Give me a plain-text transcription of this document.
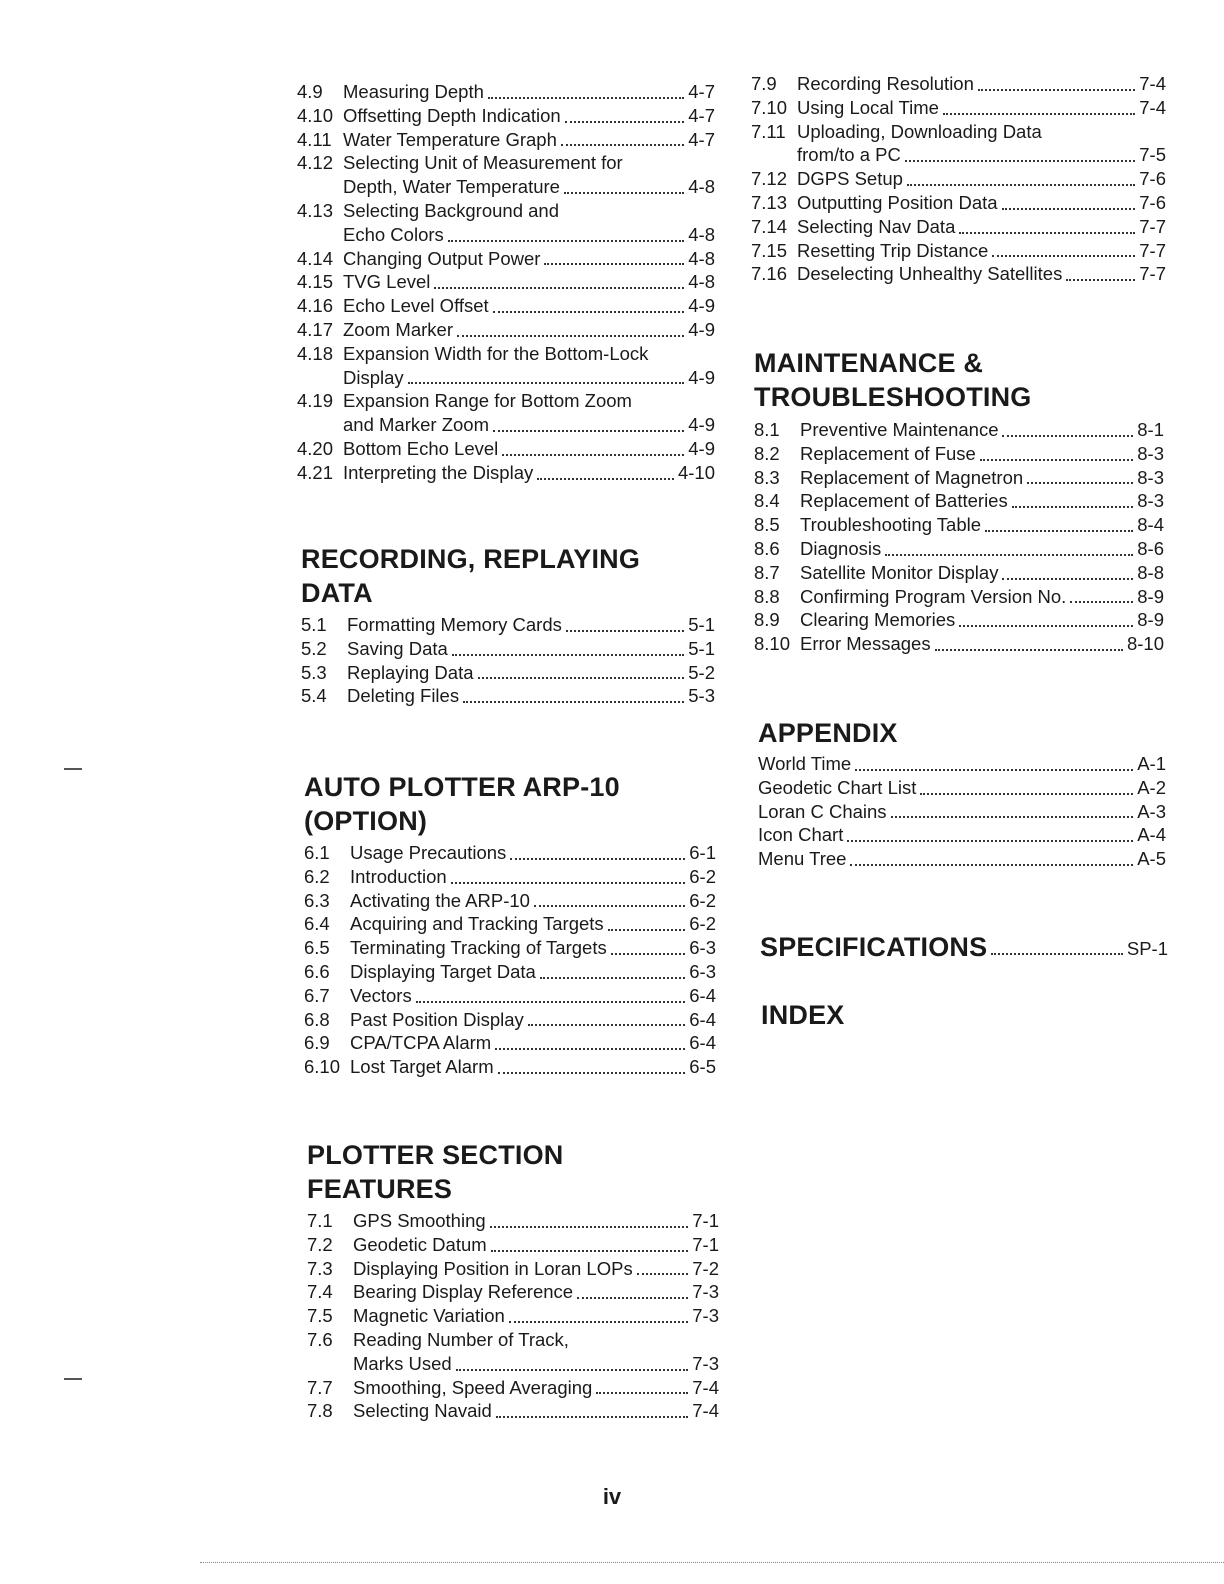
4.9	Measuring Depth	4-7
4.10 Offsetting Depth Indication	4-7
4.11 Water Temperature Graph	4-7
4.12 Selecting Unit of Measurement for
Depth, Water Temperature	4-8
4.13 Selecting Background and
Echo Colors	4-8
4.14 Changing Output Power	4-8
4.15 TVG Level	4-8
4.16 Echo Level Offset	4-9
4.17 Zoom Marker	4-9
4.18 Expansion Width for the Bottom-Lock
Display	4-9
4.19 Expansion Range for Bottom Zoom
and Marker Zoom	4-9
4.20 Bottom Echo Level	4-9
4.21 Interpreting the Display	4-10
RECORDING, REPLAYING
DATA
5.1	Formatting Memory Cards	5-1
5.2	Saving Data	5-1
5.3	Replaying Data	5-2
5.4	Deleting Files	5-3
AUTO PLOTTER ARP-10
(OPTION)
6.1	Usage Precautions	6-1
6.2	Introduction	6-2
6.3	Activating the ARP-10	6-2
6.4	Acquiring and Tracking Targets	6-2
6.5	Terminating Tracking of Targets	6-3
6.6	Displaying Target Data	6-3
6.7	Vectors	6-4
6.8	Past Position Display	6-4
6.9	CPA/TCPA Alarm	6-4
6.10 Lost Target Alarm	6-5
PLOTTER SECTION
FEATURES
7.1	GPS Smoothing	7-1
7.2	Geodetic Datum	7-1
7.3	Displaying Position in Loran LOPs	7-2
7.4	Bearing Display Reference	7-3
7.5	Magnetic Variation	7-3
7.6	Reading Number of Track,
Marks Used	7-3
7.7	Smoothing, Speed Averaging	7-4
7.8	Selecting Navaid	7-4
7.9	Recording Resolution	7-4
7.10 Using Local Time	7-4
7.11 Uploading, Downloading Data
from/to a PC	7-5
7.12 DGPS Setup	7-6
7.13 Outputting Position Data	7-6
7.14 Selecting Nav Data	7-7
7.15 Resetting Trip Distance	7-7
7.16 Deselecting Unhealthy Satellites	7-7
MAINTENANCE &
TROUBLESHOOTING
8.1	Preventive Maintenance	8-1
8.2	Replacement of Fuse	8-3
8.3	Replacement of Magnetron	8-3
8.4	Replacement of Batteries	8-3
8.5	Troubleshooting Table	8-4
8.6	Diagnosis	8-6
8.7	Satellite Monitor Display	8-8
8.8	Confirming Program Version No.	8-9
8.9	Clearing Memories	8-9
8.10 Error Messages	8-10
APPENDIX
World Time	A-1
Geodetic Chart List	A-2
Loran C Chains	A-3
Icon Chart	A-4
Menu Tree	A-5
SPECIFICATIONS	SP-1
INDEX
iv
